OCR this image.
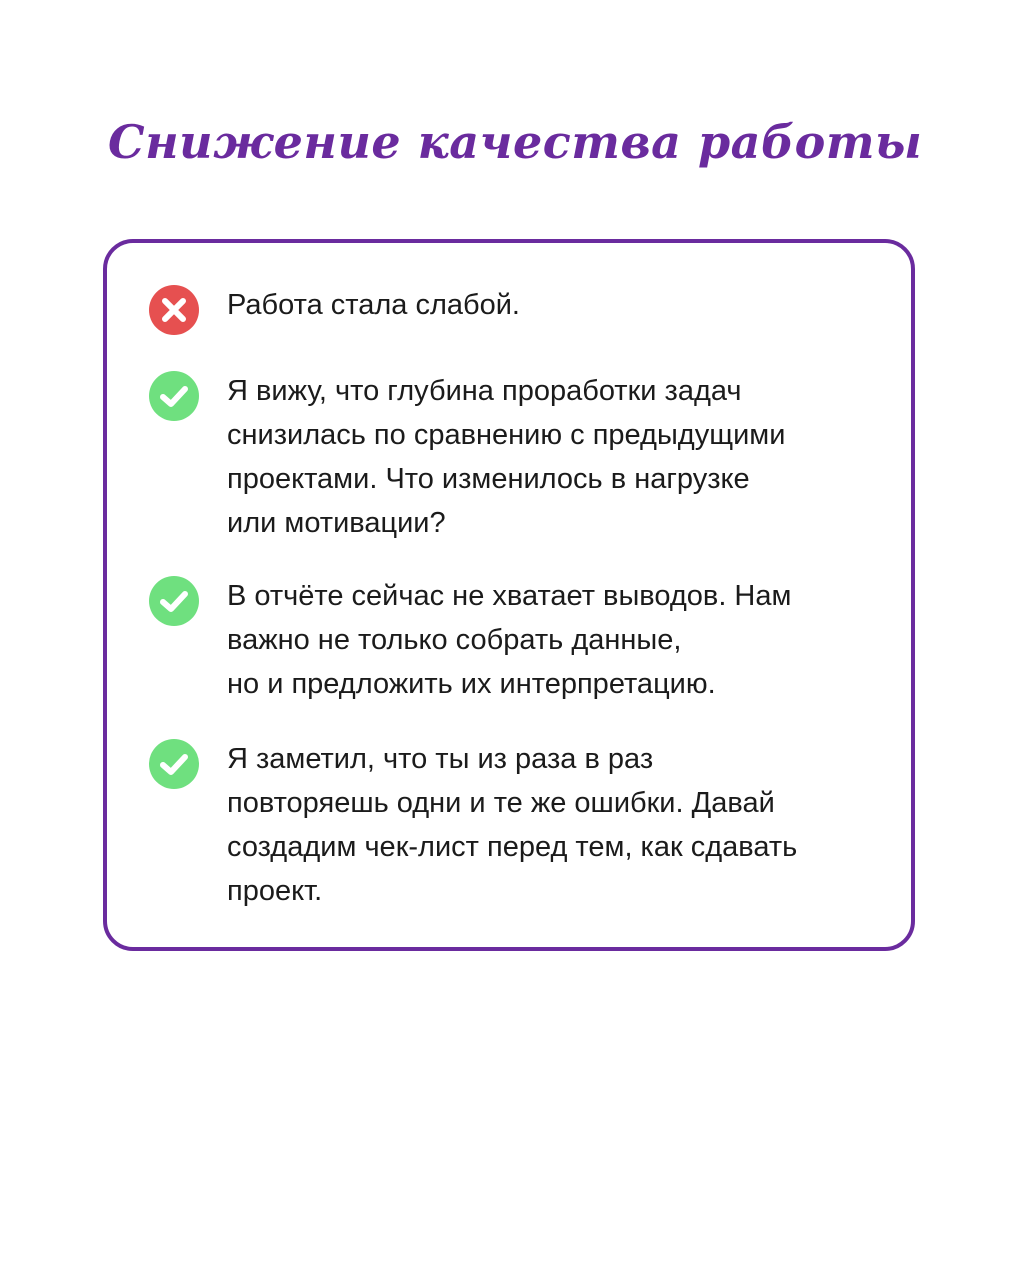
Снижение качества работы

Работа стала слабой.

Я вижу, что глубина проработки задач
снизилась по сравнению с предыдущими
проектами. Что изменилось в нагрузке
или мотивации?

В отчёте сейчас не хватает выводов. Нам
важно не только собрать данные,
но и предложить их интерпретацию.

Я заметил, что ты из раза в раз
повторяешь одни и те же ошибки. Давай
создадим чек-лист перед тем, как сдавать
проект.
